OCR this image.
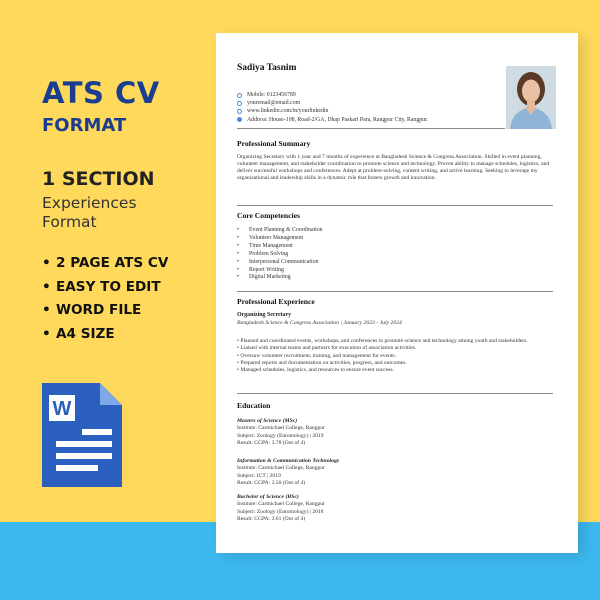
ATS CV
FORMAT
1 SECTION
Experiences
Format
• 2 PAGE ATS CV
• EASY TO EDIT
• WORD FILE
• A4 SIZE
W
Sadiya Tasnim
Mobile: 0123456789
youremail@email.com
www.linkedin.com/in/yourlinkedin
Address: House-108, Road-2/GA, Dhap Paskari Para, Rangpur City, Rangpur.
Professional Summary
Organizing Secretary with 1 year and 7 months of experience at Bangladesh Science & Congress Association. Skilled in event planning, volunteer management, and stakeholder coordination to promote science and technology. Proven ability to manage schedules, logistics, and deliver successful workshops and conferences. Adept at problem-solving, content writing, and active learning. Seeking to leverage my organizational and leadership skills in a dynamic role that fosters growth and innovation.
Core Competencies
• Event Planning & Coordination
• Volunteer Management
• Time Management
• Problem Solving
• Interpersonal Communication
• Report Writing
• Digital Marketing
Professional Experience
Organizing Secretary
Bangladesh Science & Congress Association | January 2023 - July 2024
• Planned and coordinated events, workshops, and conferences to promote science and technology among youth and stakeholders.
• Liaised with internal teams and partners for execution of association activities.
• Oversaw volunteer recruitment, training, and management for events.
• Prepared reports and documentation on activities, progress, and outcomes.
• Managed schedules, logistics, and resources to ensure event success.
Education
Masters of Science (MSc)
Institute: Carmichael College, Rangpur
Subject: Zoology (Entomology) | 2019
Result: CGPA: 3.78 (Out of 4)
Information & Communication Technology
Institute: Carmichael College, Rangpur
Subject: ICT | 2019
Result: CGPA: 3.50 (Out of 4)
Bachelor of Science (BSc)
Institute: Carmichael College, Rangpur
Subject: Zoology (Entomology) | 2018
Result: CGPA: 3.61 (Out of 4)
